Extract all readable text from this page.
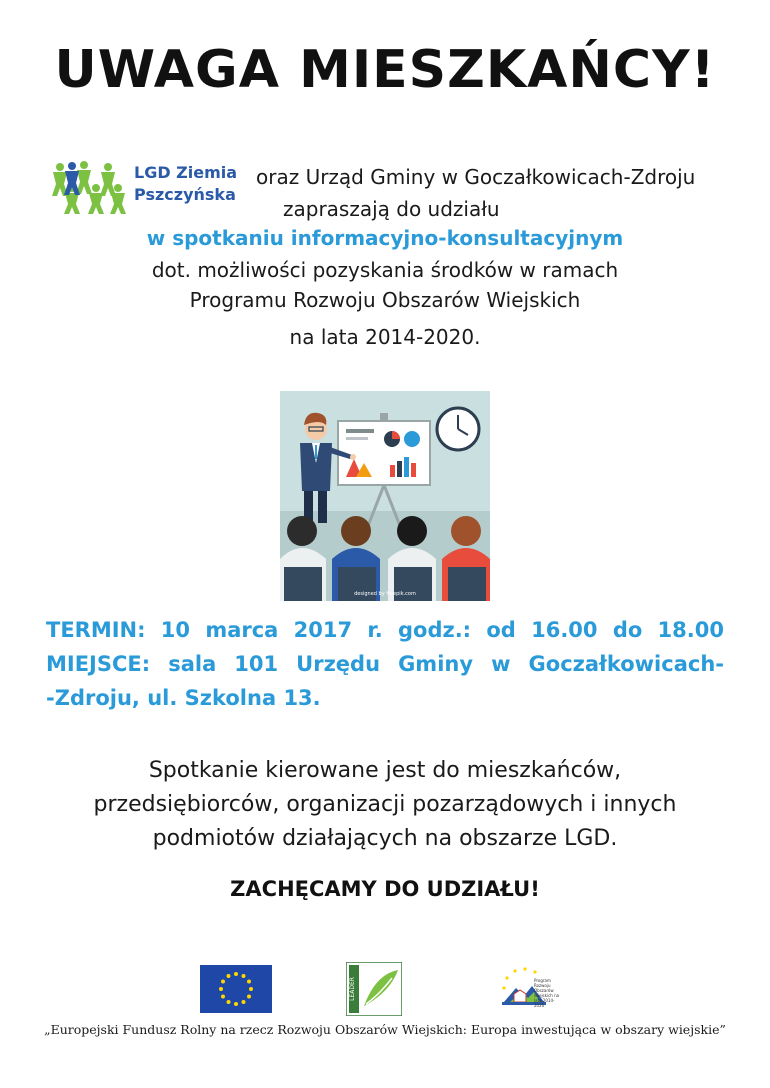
UWAGA MIESZKAŃCY!
LGD Ziemia
Pszczyńska
oraz Urząd Gminy w Goczałkowicach-Zdroju
zapraszają do udziału
w spotkaniu informacyjno-konsultacyjnym
dot. możliwości pozyskania środków w ramach
Programu Rozwoju Obszarów Wiejskich
na lata 2014-2020.
designed by freepik.com
TERMIN: 10 marca 2017 r. godz.: od 16.00 do 18.00
MIEJSCE: sala 101 Urzędu Gminy w Goczałkowicach-
-Zdroju, ul. Szkolna 13.
Spotkanie kierowane jest do mieszkańców,
przedsiębiorców, organizacji pozarządowych i innych
podmiotów działających na obszarze LGD.
ZACHĘCAMY DO UDZIAŁU!
LEADER	Program Rozwoju Obszarów Wiejskich na lata 2014-2020
„Europejski Fundusz Rolny na rzecz Rozwoju Obszarów Wiejskich: Europa inwestująca w obszary wiejskie”
